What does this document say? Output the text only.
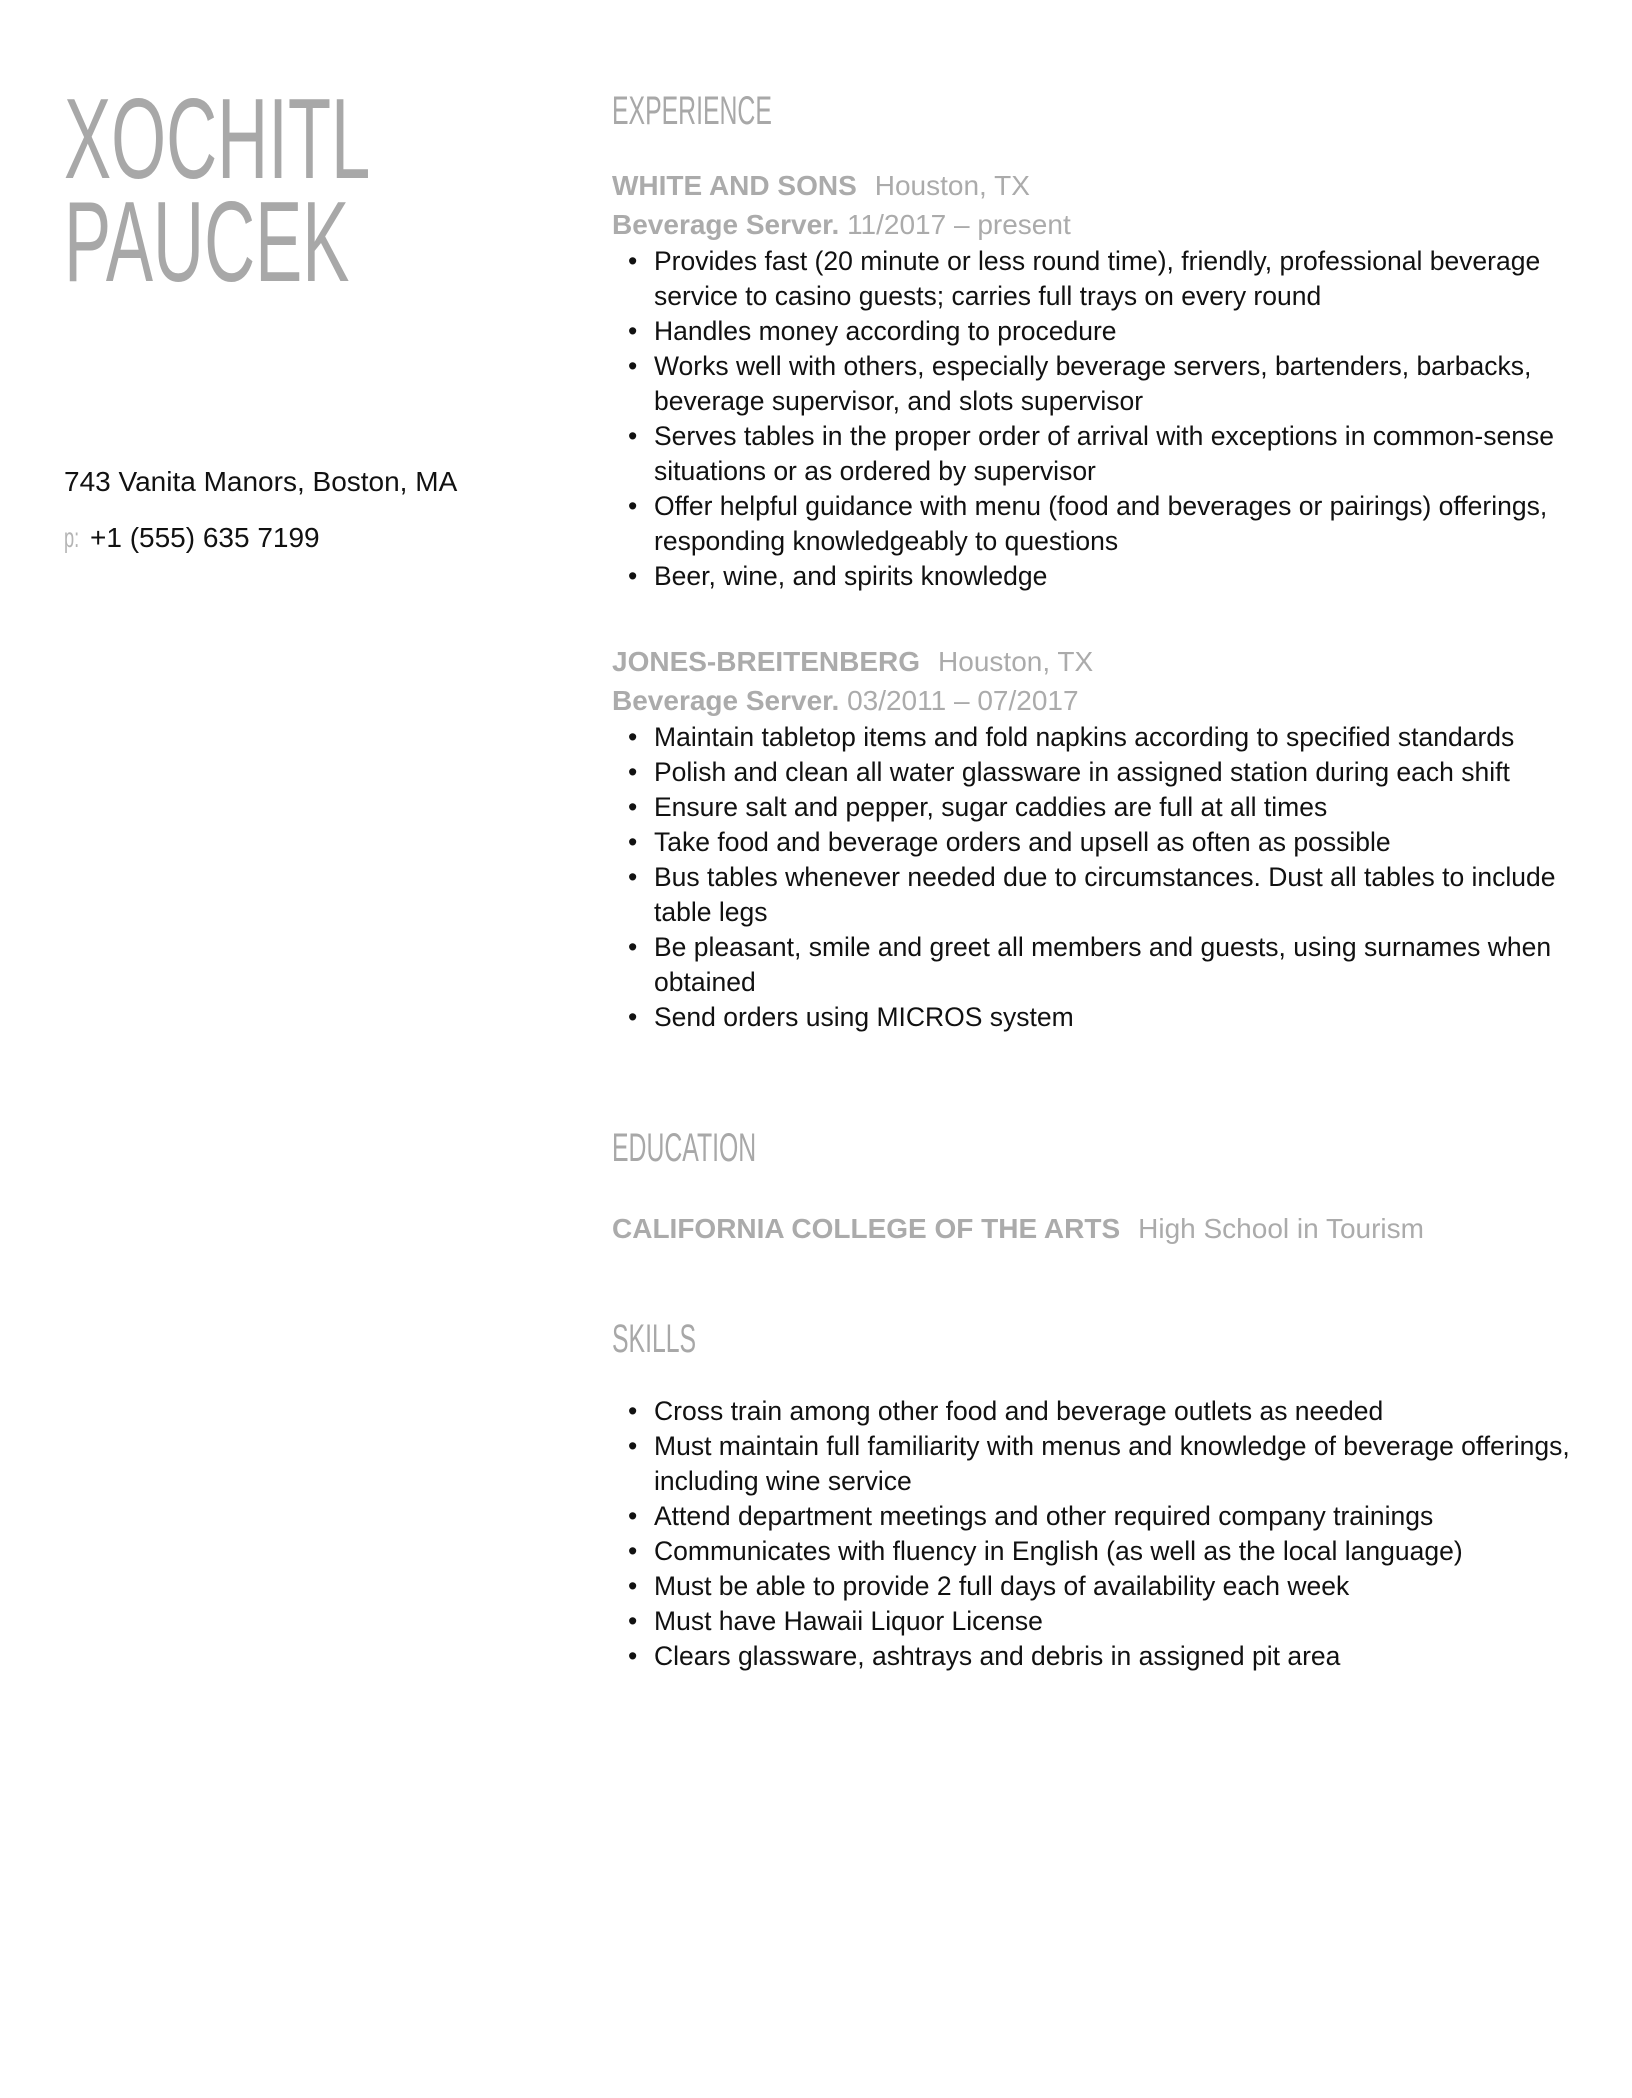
XOCHITL
PAUCEK
743 Vanita Manors, Boston, MA
p: +1 (555) 635 7199
EXPERIENCE
WHITE AND SONS Houston, TX
Beverage Server. 11/2017 – present
• Provides fast (20 minute or less round time), friendly, professional beverage service to casino guests; carries full trays on every round
• Handles money according to procedure
• Works well with others, especially beverage servers, bartenders, barbacks, beverage supervisor, and slots supervisor
• Serves tables in the proper order of arrival with exceptions in common-sense situations or as ordered by supervisor
• Offer helpful guidance with menu (food and beverages or pairings) offerings, responding knowledgeably to questions
• Beer, wine, and spirits knowledge
JONES-BREITENBERG Houston, TX
Beverage Server. 03/2011 – 07/2017
• Maintain tabletop items and fold napkins according to specified standards
• Polish and clean all water glassware in assigned station during each shift
• Ensure salt and pepper, sugar caddies are full at all times
• Take food and beverage orders and upsell as often as possible
• Bus tables whenever needed due to circumstances. Dust all tables to include table legs
• Be pleasant, smile and greet all members and guests, using surnames when obtained
• Send orders using MICROS system
EDUCATION
CALIFORNIA COLLEGE OF THE ARTS High School in Tourism
SKILLS
• Cross train among other food and beverage outlets as needed
• Must maintain full familiarity with menus and knowledge of beverage offerings, including wine service
• Attend department meetings and other required company trainings
• Communicates with fluency in English (as well as the local language)
• Must be able to provide 2 full days of availability each week
• Must have Hawaii Liquor License
• Clears glassware, ashtrays and debris in assigned pit area
